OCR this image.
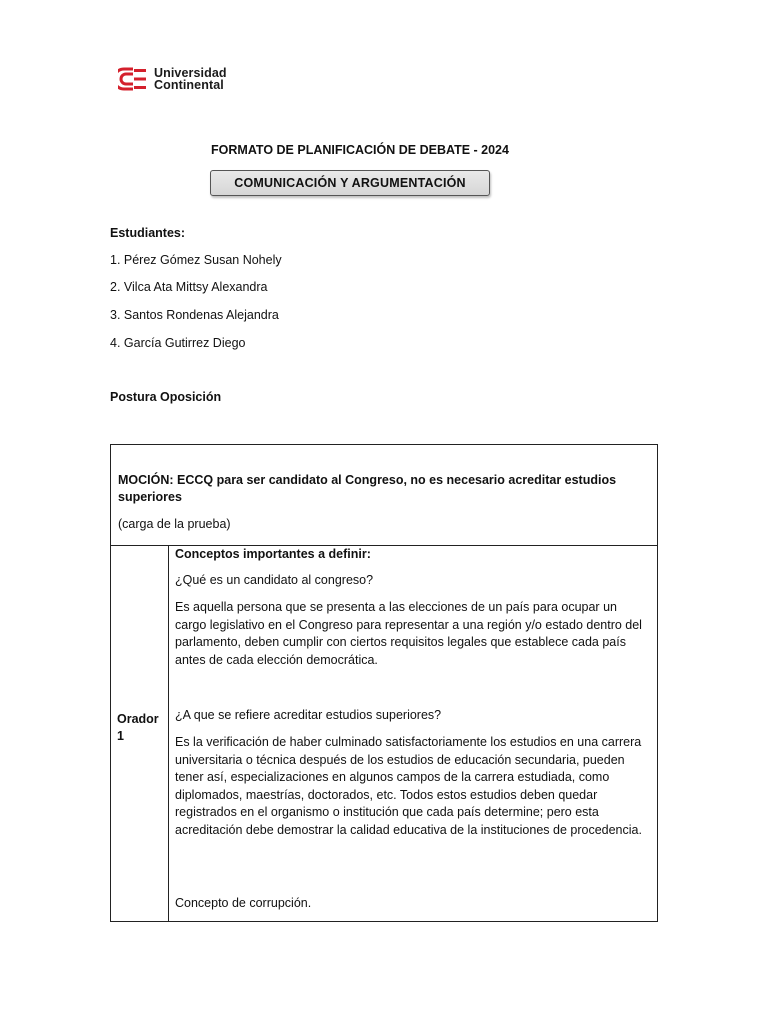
Universidad
Continental
FORMATO DE PLANIFICACIÓN DE DEBATE - 2024
COMUNICACIÓN Y ARGUMENTACIÓN
Estudiantes:
1. Pérez Gómez Susan Nohely
2. Vilca Ata Mittsy Alexandra
3. Santos Rondenas Alejandra
4. García Gutirrez Diego
Postura Oposición
MOCIÓN: ECCQ para ser candidato al Congreso, no es necesario acreditar estudios superiores
(carga de la prueba)
Orador 1

Conceptos importantes a definir:

¿Qué es un candidato al congreso?

Es aquella persona que se presenta a las elecciones de un país para ocupar un cargo legislativo en el Congreso para representar a una región y/o estado dentro del parlamento, deben cumplir con ciertos requisitos legales que establece cada país antes de cada elección democrática.

¿A que se refiere acreditar estudios superiores?

Es la verificación de haber culminado satisfactoriamente los estudios en una carrera universitaria o técnica después de los estudios de educación secundaria, pueden tener así, especializaciones en algunos campos de la carrera estudiada, como diplomados, maestrías, doctorados, etc. Todos estos estudios deben quedar registrados en el organismo o institución que cada país determine; pero esta acreditación debe demostrar la calidad educativa de la instituciones de procedencia.

Concepto de corrupción.
